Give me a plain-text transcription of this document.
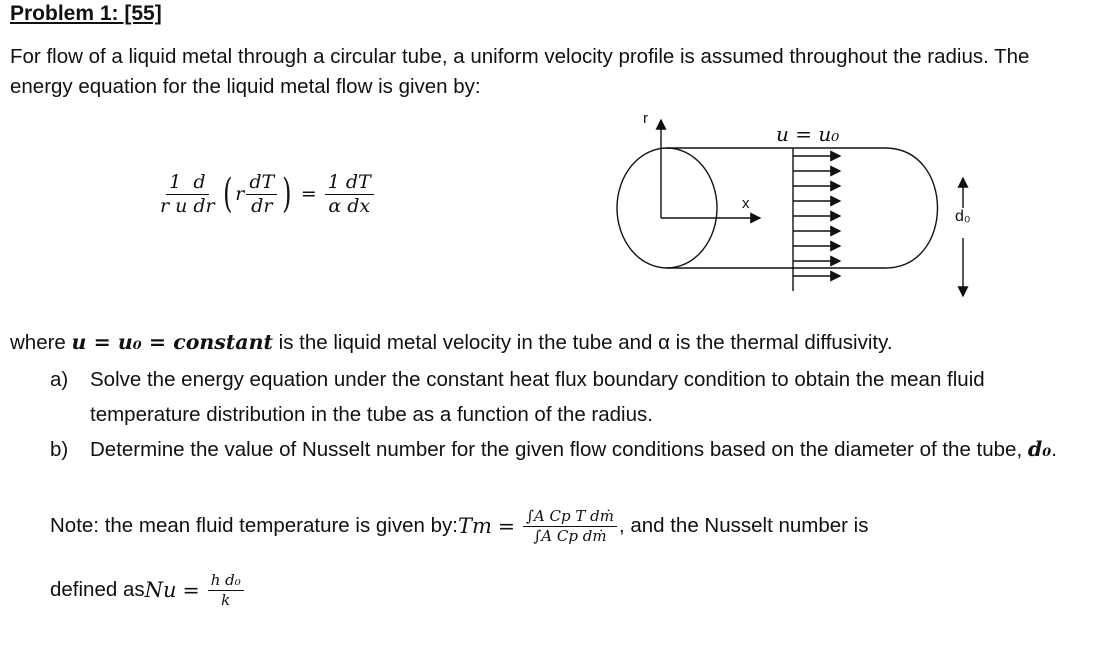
Problem 1: [55]
For flow of a liquid metal through a circular tube, a uniform velocity profile is assumed throughout the radius. The energy equation for the liquid metal flow is given by:
$\frac{1 d}{\text{r u dr}}$ ( r $\frac{dT}{dr}$ ) = $\frac{1 dT}{\text{α dx}}$
r
x
u = u₀
d₀
where u = u₀ = constant is the liquid metal velocity in the tube and α is the thermal diffusivity.
a) Solve the energy equation under the constant heat flux boundary condition to obtain the mean fluid temperature distribution in the tube as a function of the radius.
b) Determine the value of Nusselt number for the given flow conditions based on the diameter of the tube, d₀.
Note: the mean fluid temperature is given by: $Tm = \frac{\text{∫A Cp T dṁ}}{\text{∫A Cp dṁ}}$ , and the Nusselt number is
defined as $Nu = \frac{\text{h d₀}}{k}$
